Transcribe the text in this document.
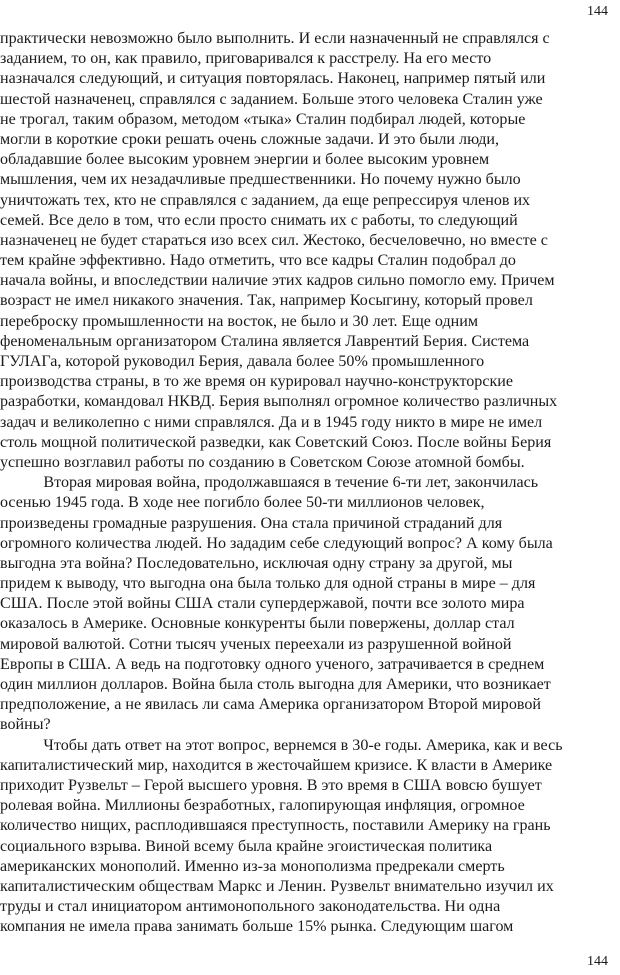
144
практически невозможно было выполнить. И если назначенный не справлялся с
заданием, то он, как правило, приговаривался к расстрелу. На его место
назначался следующий, и ситуация повторялась. Наконец, например пятый или
шестой назначенец, справлялся с заданием. Больше этого человека Сталин уже
не трогал, таким образом, методом «тыка» Сталин подбирал людей, которые
могли в короткие сроки решать очень сложные задачи. И это были люди,
обладавшие более высоким уровнем энергии и более высоким уровнем
мышления, чем их незадачливые предшественники. Но почему нужно было
уничтожать тех, кто не справлялся с заданием, да еще репрессируя членов их
семей. Все дело в том, что если просто снимать их с работы, то следующий
назначенец не будет стараться изо всех сил. Жестоко, бесчеловечно, но вместе с
тем крайне эффективно. Надо отметить, что все кадры Сталин подобрал до
начала войны, и впоследствии наличие этих кадров сильно помогло ему. Причем
возраст не имел никакого значения. Так, например Косыгину, который провел
переброску промышленности на восток, не было и 30 лет. Еще одним
феноменальным организатором Сталина является Лаврентий Берия. Система
ГУЛАГа, которой руководил Берия, давала более 50% промышленного
производства страны, в то же время он курировал научно-конструкторские
разработки, командовал НКВД. Берия выполнял огромное количество различных
задач и великолепно с ними справлялся. Да и в 1945 году никто в мире не имел
столь мощной политической разведки, как Советский Союз. После войны Берия
успешно возглавил работы по созданию в Советском Союзе атомной бомбы.
Вторая мировая война, продолжавшаяся в течение 6-ти лет, закончилась
осенью 1945 года. В ходе нее погибло более 50-ти миллионов человек,
произведены громадные разрушения. Она стала причиной страданий для
огромного количества людей. Но зададим себе следующий вопрос? А кому была
выгодна эта война? Последовательно, исключая одну страну за другой, мы
придем к выводу, что выгодна она была только для одной страны в мире – для
США. После этой войны США стали супердержавой, почти все золото мира
оказалось в Америке. Основные конкуренты были повержены, доллар стал
мировой валютой. Сотни тысяч ученых переехали из разрушенной войной
Европы в США. А ведь на подготовку одного ученого, затрачивается в среднем
один миллион долларов. Война была столь выгодна для Америки, что возникает
предположение, а не явилась ли сама Америка организатором Второй мировой
войны?
Чтобы дать ответ на этот вопрос, вернемся в 30-е годы. Америка, как и весь
капиталистический мир, находится в жесточайшем кризисе. К власти в Америке
приходит Рузвельт – Герой высшего уровня. В это время в США вовсю бушует
ролевая война. Миллионы безработных, галопирующая инфляция, огромное
количество нищих, расплодившаяся преступность, поставили Америку на грань
социального взрыва. Виной всему была крайне эгоистическая политика
американских монополий. Именно из-за монополизма предрекали смерть
капиталистическим обществам Маркс и Ленин. Рузвельт внимательно изучил их
труды и стал инициатором антимонопольного законодательства. Ни одна
компания не имела права занимать больше 15% рынка. Следующим шагом
144
